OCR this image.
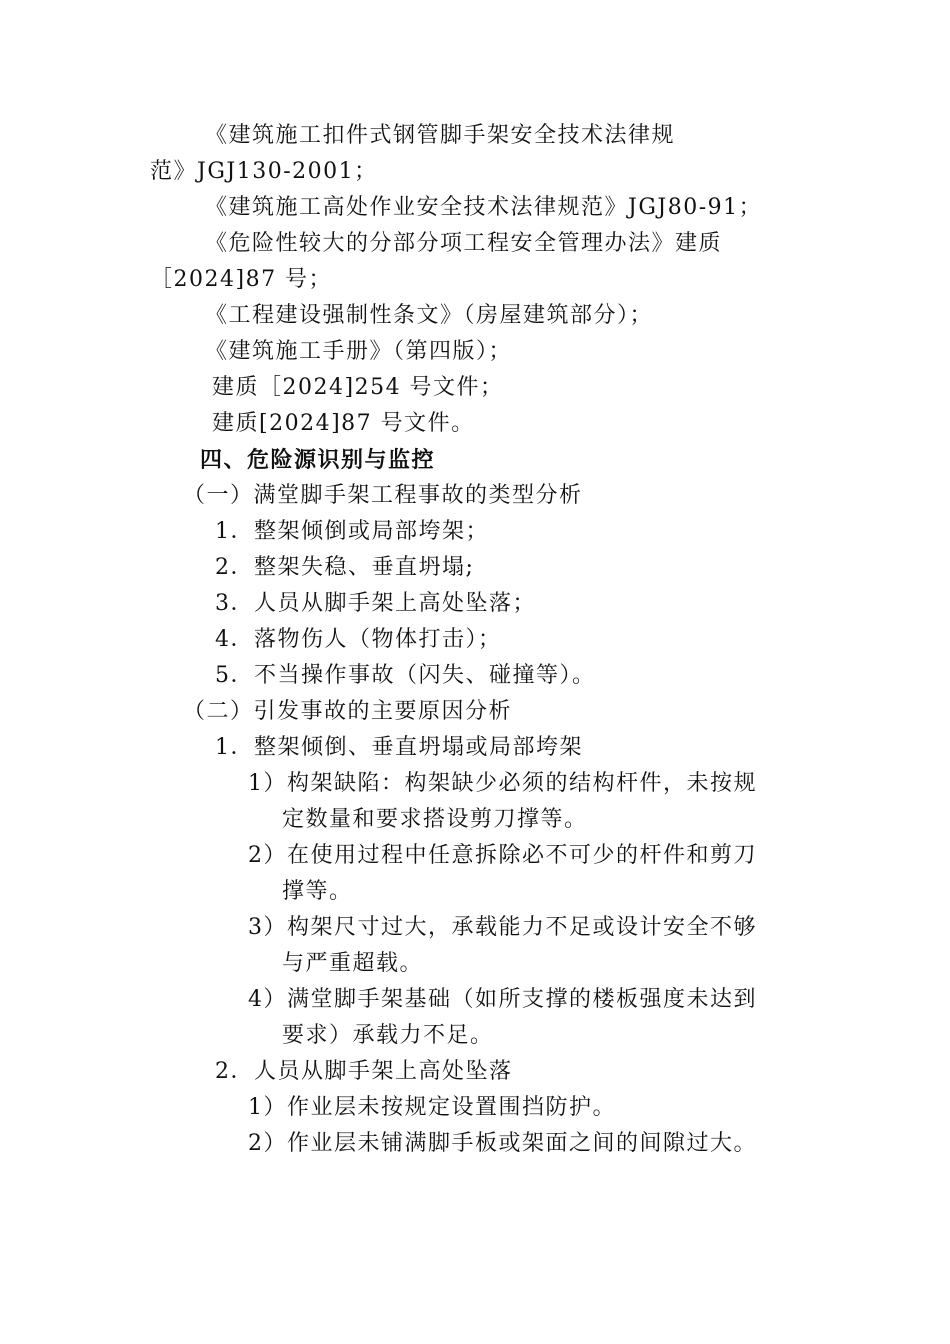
《建筑施工扣件式钢管脚手架安全技术法律规
范》JGJ130-2001；
《建筑施工高处作业安全技术法律规范》JGJ80-91；
《危险性较大的分部分项工程安全管理办法》建质
［2024]87 号；
《工程建设强制性条文》（房屋建筑部分）；
《建筑施工手册》（第四版）；
建质［2024]254 号文件；
建质[2024]87 号文件。
四、危险源识别与监控
（一）满堂脚手架工程事故的类型分析
1．整架倾倒或局部垮架；
2．整架失稳、垂直坍塌;
3．人员从脚手架上高处坠落；
4．落物伤人（物体打击）；
5．不当操作事故（闪失、碰撞等）。
（二）引发事故的主要原因分析
1．整架倾倒、垂直坍塌或局部垮架
1）构架缺陷：构架缺少必须的结构杆件，未按规
定数量和要求搭设剪刀撑等。
2）在使用过程中任意拆除必不可少的杆件和剪刀
撑等。
3）构架尺寸过大，承载能力不足或设计安全不够
与严重超载。
4）满堂脚手架基础（如所支撑的楼板强度未达到
要求）承载力不足。
2．人员从脚手架上高处坠落
1）作业层未按规定设置围挡防护。
2）作业层未铺满脚手板或架面之间的间隙过大。
